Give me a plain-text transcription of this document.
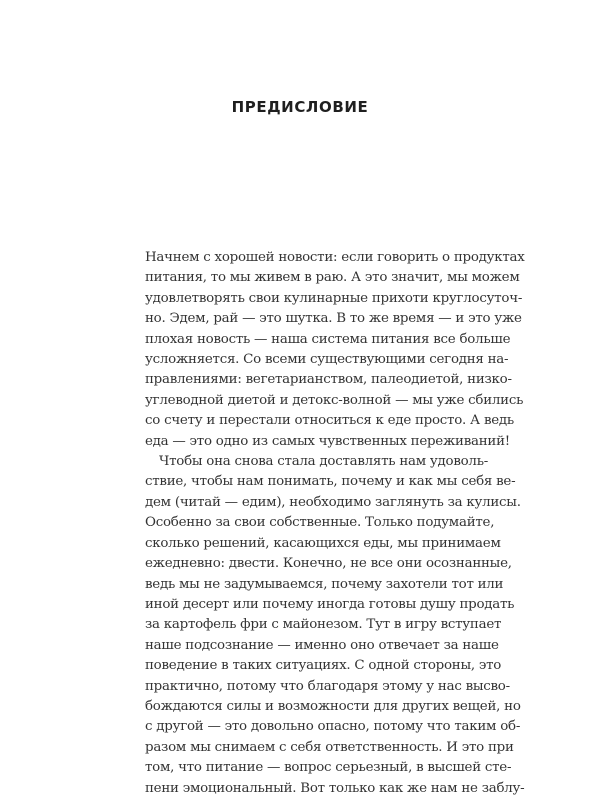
ПРЕДИСЛОВИЕ
Начнем с хорошей новости: если говорить о продуктах
питания, то мы живем в раю. А это значит, мы можем
удовлетворять свои кулинарные прихоти круглосуточ-
но. Эдем, рай — это шутка. В то же время — и это уже
плохая новость — наша система питания все больше
усложняется. Со всеми существующими сегодня на-
правлениями: вегетарианством, палеодиетой, низко-
углеводной диетой и детокс-волной — мы уже сбились
со счету и перестали относиться к еде просто. А ведь
еда — это одно из самых чувственных переживаний!
Чтобы она снова стала доставлять нам удоволь-
ствие, чтобы нам понимать, почему и как мы себя ве-
дем (читай — едим), необходимо заглянуть за кулисы.
Особенно за свои собственные. Только подумайте,
сколько решений, касающихся еды, мы принимаем
ежедневно: двести. Конечно, не все они осознанные,
ведь мы не задумываемся, почему захотели тот или
иной десерт или почему иногда готовы душу продать
за картофель фри с майонезом. Тут в игру вступает
наше подсознание — именно оно отвечает за наше
поведение в таких ситуациях. С одной стороны, это
практично, потому что благодаря этому у нас высво-
бождаются силы и возможности для других вещей, но
с другой — это довольно опасно, потому что таким об-
разом мы снимаем с себя ответственность. И это при
том, что питание — вопрос серьезный, в высшей сте-
пени эмоциональный. Вот только как же нам не заблу-
